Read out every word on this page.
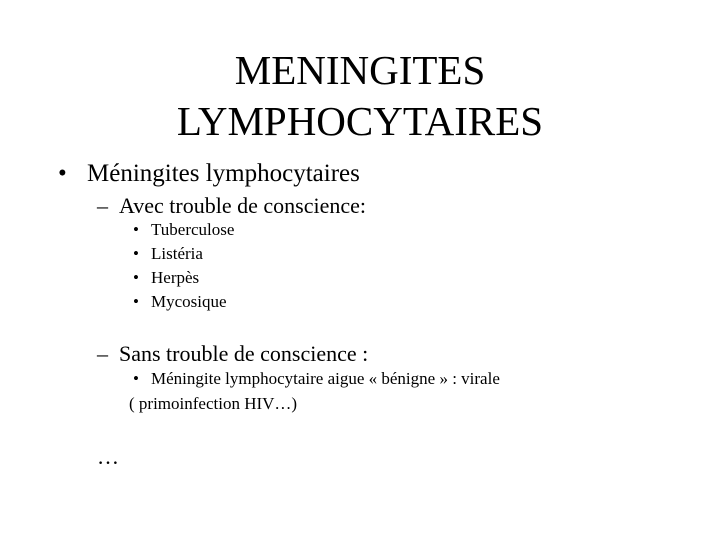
MENINGITES
LYMPHOCYTAIRES
• Méningites lymphocytaires
– Avec trouble de conscience:
• Tuberculose
• Listéria
• Herpès
• Mycosique
– Sans trouble de conscience :
• Méningite lymphocytaire aigue « bénigne » : virale
( primoinfection HIV…)
…
